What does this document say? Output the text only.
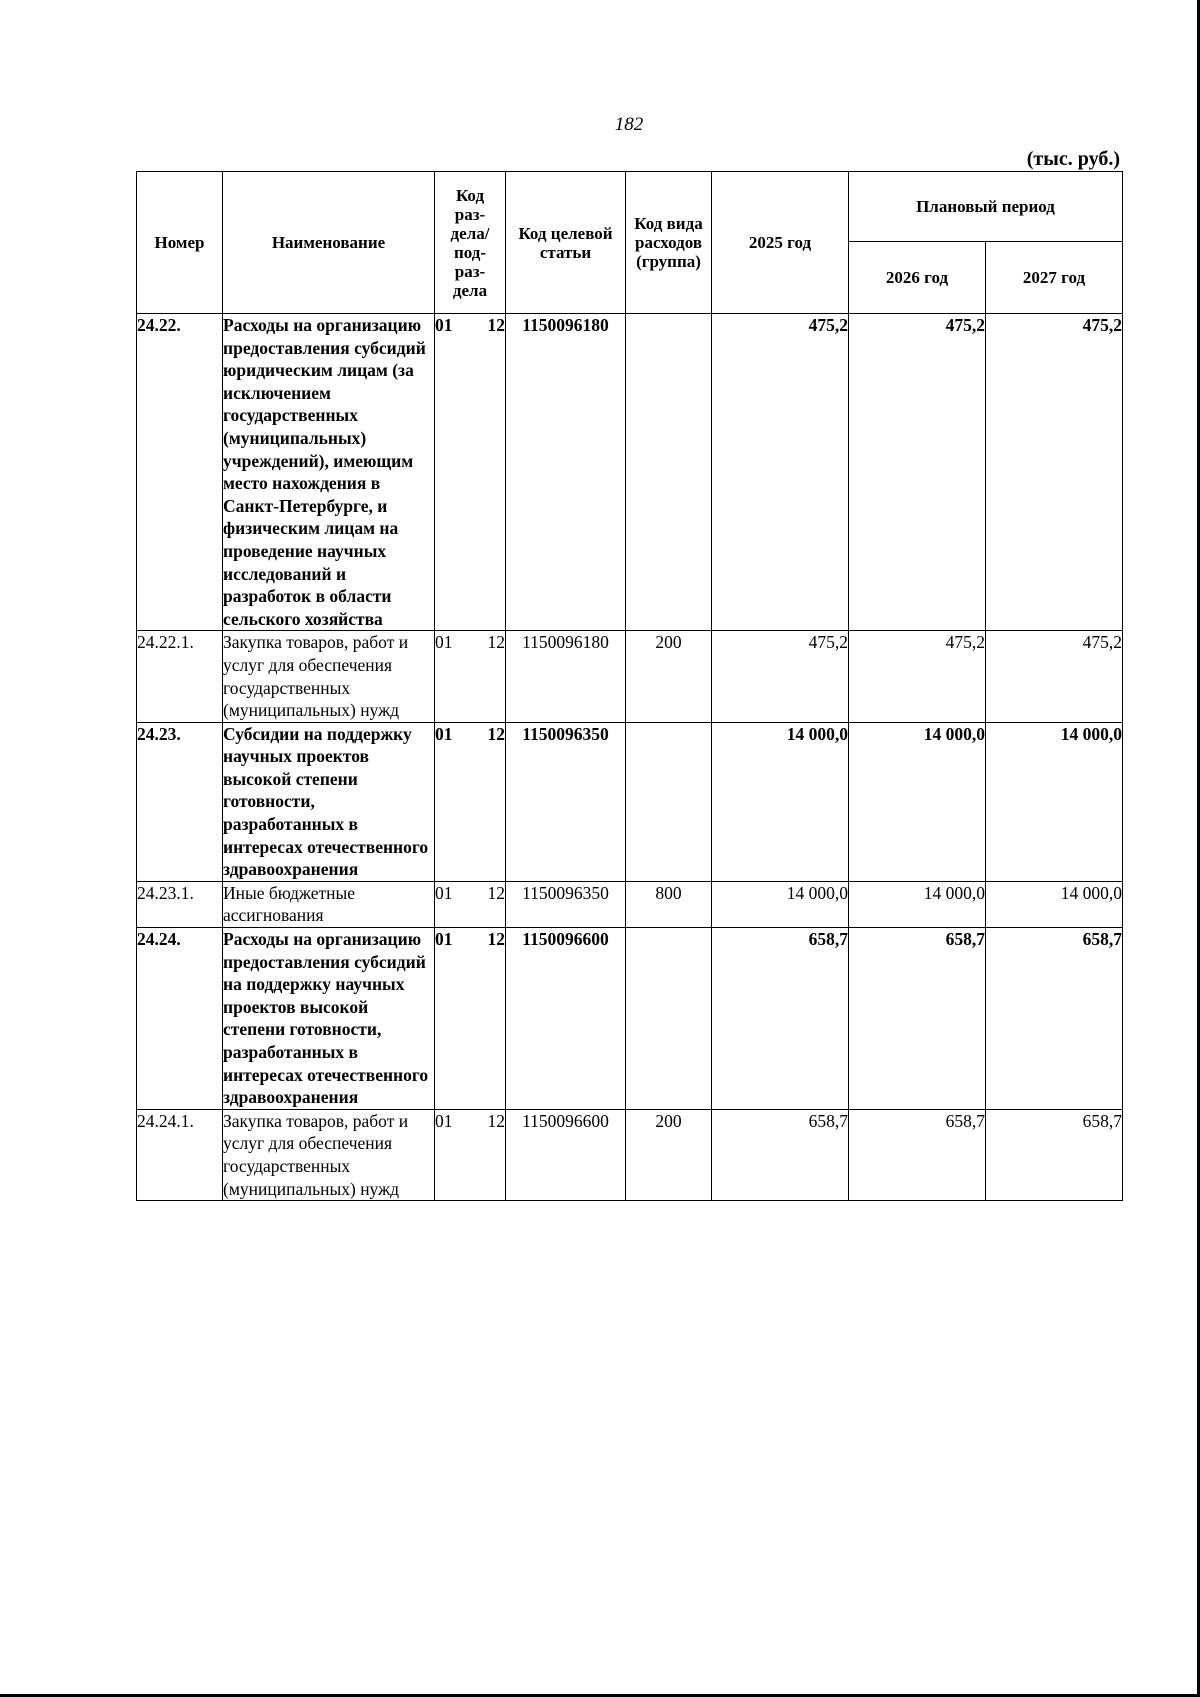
182
(тыс. руб.)
Номер	Наименование	Код раз- дела/ под- раз- дела	Код целевой статьи	Код вида расходов (группа)	2025 год	Плановый период	
						2026 год	2027 год
24.22.	Расходы на организацию предоставления субсидий юридическим лицам (за исключением государственных (муниципальных) учреждений), имеющим место нахождения в Санкт-Петербурге, и физическим лицам на проведение научных исследований и разработок в области сельского хозяйства	01 12	1150096180		475,2	475,2	475,2
24.22.1.	Закупка товаров, работ и услуг для обеспечения государственных (муниципальных) нужд	01 12	1150096180	200	475,2	475,2	475,2
24.23.	Субсидии на поддержку научных проектов высокой степени готовности, разработанных в интересах отечественного здравоохранения	01 12	1150096350		14 000,0	14 000,0	14 000,0
24.23.1.	Иные бюджетные ассигнования	01 12	1150096350	800	14 000,0	14 000,0	14 000,0
24.24.	Расходы на организацию предоставления субсидий на поддержку научных проектов высокой степени готовности, разработанных в интересах отечественного здравоохранения	01 12	1150096600		658,7	658,7	658,7
24.24.1.	Закупка товаров, работ и услуг для обеспечения государственных (муниципальных) нужд	01 12	1150096600	200	658,7	658,7	658,7
